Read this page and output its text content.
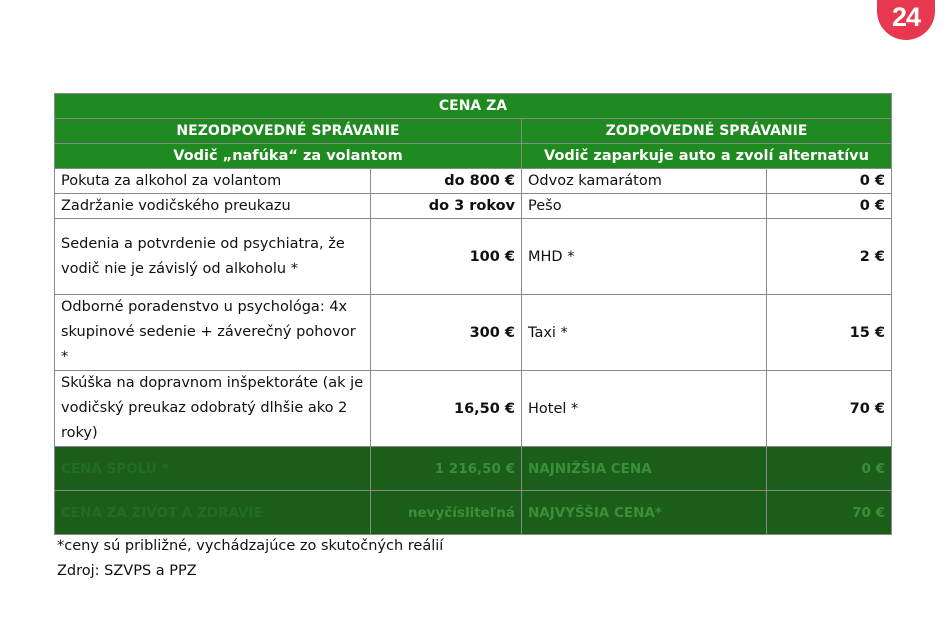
24
CENA ZA			
NEZODPOVEDNÉ SPRÁVANIE		ZODPOVEDNÉ SPRÁVANIE	
Vodič „nafúka“ za volantom		Vodič zaparkuje auto a zvolí alternatívu	
Pokuta za alkohol za volantom	do 800 €	Odvoz kamarátom	0 €
Zadržanie vodičského preukazu	do 3 rokov	Pešo	0 €
Sedenia a potvrdenie od psychiatra, že vodič nie je závislý od alkoholu *	100 €	MHD *	2 €
Odborné poradenstvo u psychológa: 4x skupinové sedenie + záverečný pohovor *	300 €	Taxi *	15 €
Skúška na dopravnom inšpektoráte (ak je vodičský preukaz odobratý dlhšie ako 2 roky)	16,50 €	Hotel *	70 €
CENA SPOLU *	1 216,50 €	NAJNIŽŠIA CENA	0 €
CENA ZA ŽIVOT A ZDRAVIE	nevyčísliteľná	NAJVYŠŠIA CENA*	70 €
*ceny sú približné, vychádzajúce zo skutočných reálií
Zdroj: SZVPS a PPZ
